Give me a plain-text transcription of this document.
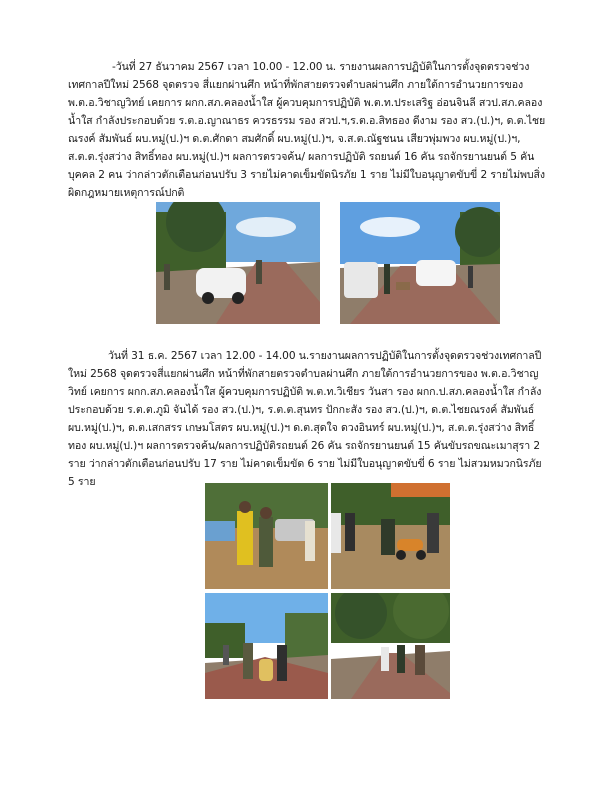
-วันที่ 27 ธันวาคม 2567 เวลา 10.00 - 12.00 น. รายงานผลการปฏิบัติในการตั้งจุดตรวจช่วงเทศกาลปีใหม่ 2568 จุดตรวจ สี่แยกผ่านศึก หน้าที่พักสายตรวจตำบลผ่านศึก ภายใต้การอำนวยการของ พ.ต.อ.วิชาญวิทย์ เคยการ ผกก.สภ.คลองน้ำใส ผู้ควบคุมการปฏิบัติ พ.ต.ท.ประเสริฐ อ่อนจินลี สวป.สภ.คลองน้ำใส กำลังประกอบด้วย ร.ต.อ.ญาณาธร ควรธรรม รอง สวป.ฯ,ร.ต.อ.สิทธอง ดีงาม รอง สว.(ป.)ฯ, ด.ต.ไชยณรงค์ สัมพันธ์ ผบ.หมู่(ป.)ฯ ด.ต.ศักดา สมศักดิ์ ผบ.หมู่(ป.)ฯ, จ.ส.ต.ณัฐชนน เสียวพุ่มพวง ผบ.หมู่(ป.)ฯ, ส.ต.ต.รุ่งสว่าง สิทธิ์ทอง ผบ.หมู่(ป.)ฯ ผลการตรวจค้น/ ผลการปฏิบัติ รถยนต์ 16 คัน รถจักรยานยนต์ 5 คัน บุคคล 2 คน ว่ากล่าวตักเตือนก่อนปรับ 3 รายไม่คาดเข็มขัดนิรภัย 1 ราย ไม่มีใบอนุญาตขับขี่ 2 รายไม่พบสิ่งผิดกฎหมายเหตุการณ์ปกติ
วันที่ 31 ธ.ค. 2567 เวลา 12.00 - 14.00 น.รายงานผลการปฏิบัติในการตั้งจุดตรวจช่วงเทศกาลปีใหม่ 2568 จุดตรวจสี่แยกผ่านศึก หน้าที่พักสายตรวจตำบลผ่านศึก ภายใต้การอำนวยการของ พ.ต.อ.วิชาญวิทย์ เคยการ ผกก.สภ.คลองน้ำใส ผู้ควบคุมการปฏิบัติ พ.ต.ท.วิเชียร วันสา รอง ผกก.ป.สภ.คลองน้ำใส กำลังประกอบด้วย ร.ต.ต.ภูมิ จันได้ รอง สว.(ป.)ฯ, ร.ต.ต.สุนทร ปักกะสัง รอง สว.(ป.)ฯ, ด.ต.ไชยณรงค์ สัมพันธ์ ผบ.หมู่(ป.)ฯ, ด.ต.เสกสรร เกษมโสตร ผบ.หมู่(ป.)ฯ ด.ต.สุดใจ ดวงอินทร์ ผบ.หมู่(ป.)ฯ, ส.ต.ต.รุ่งสว่าง สิทธิ์ทอง ผบ.หมู่(ป.)ฯ ผลการตรวจค้น/ผลการปฏิบัติรถยนต์ 26 คัน รถจักรยานยนต์ 15 คันขับรถขณะเมาสุรา 2 ราย ว่ากล่าวตักเตือนก่อนปรับ 17 ราย ไม่คาดเข็มขัด 6 ราย ไม่มีใบอนุญาตขับขี่ 6 ราย ไม่สวมหมวกนิรภัย 5 ราย
